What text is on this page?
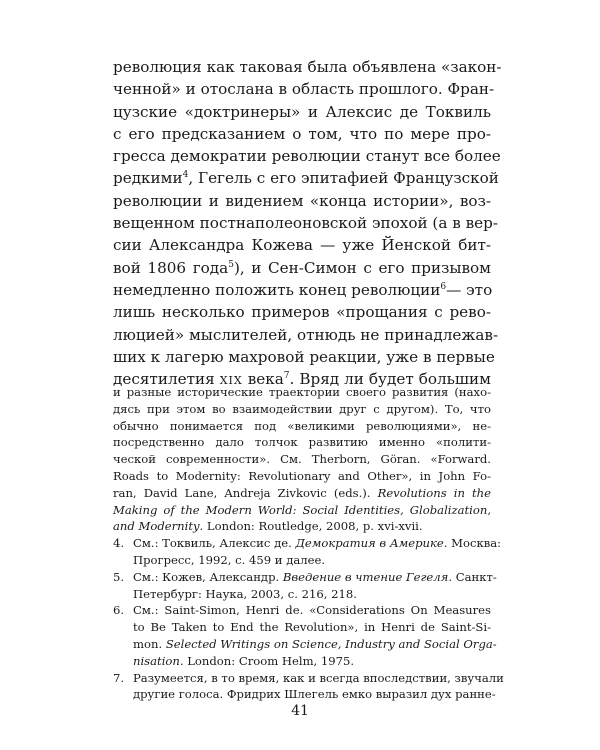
революция как таковая была объявлена «закон-
ченной» и отослана в область прошлого. Фран-
цузские «доктринеры» и Алексис де Токвиль
с его предсказанием о том, что по мере про-
гресса демократии революции станут все более
редкими$^4$, Гегель с его эпитафией Французской
революции и видением «конца истории», воз-
вещенном постнаполеоновской эпохой (а в вер-
сии Александра Кожева — уже Йенской бит-
вой 1806 года$^5$), и Сен-Симон с его призывом
немедленно положить конец революции$^6$— это
лишь несколько примеров «прощания с рево-
люцией» мыслителей, отнюдь не принадлежав-
ших к лагерю махровой реакции, уже в первые
десятилетия xix века$^7$. Вряд ли будет большим
и разные исторические траектории своего развития (нахо-
дясь при этом во взаимодействии друг с другом). То, что
обычно понимается под «великими революциями», не-
посредственно дало толчок развитию именно «полити-
ческой современности». См. Therborn, Göran. «Forward.
Roads to Modernity: Revolutionary and Other», in John Fo-
ran, David Lane, Andreja Zivkovic (eds.). Revolutions in the
Making of the Modern World: Social Identities, Globalization,
and Modernity. London: Routledge, 2008, p. xvi-xvii.
4. См.: Токвиль, Алексис де. Демократия в Америке. Москва:
Прогресс, 1992, с. 459 и далее.
5. См.: Кожев, Александр. Введение в чтение Гегеля. Санкт-
Петербург: Наука, 2003, с. 216, 218.
6. См.: Saint-Simon, Henri de. «Considerations On Measures
to Be Taken to End the Revolution», in Henri de Saint-Si-
mon. Selected Writings on Science, Industry and Social Orga-
nisation. London: Croom Helm, 1975.
7. Разумеется, в то время, как и всегда впоследствии, звучали
другие голоса. Фридрих Шлегель емко выразил дух ранне-
41
